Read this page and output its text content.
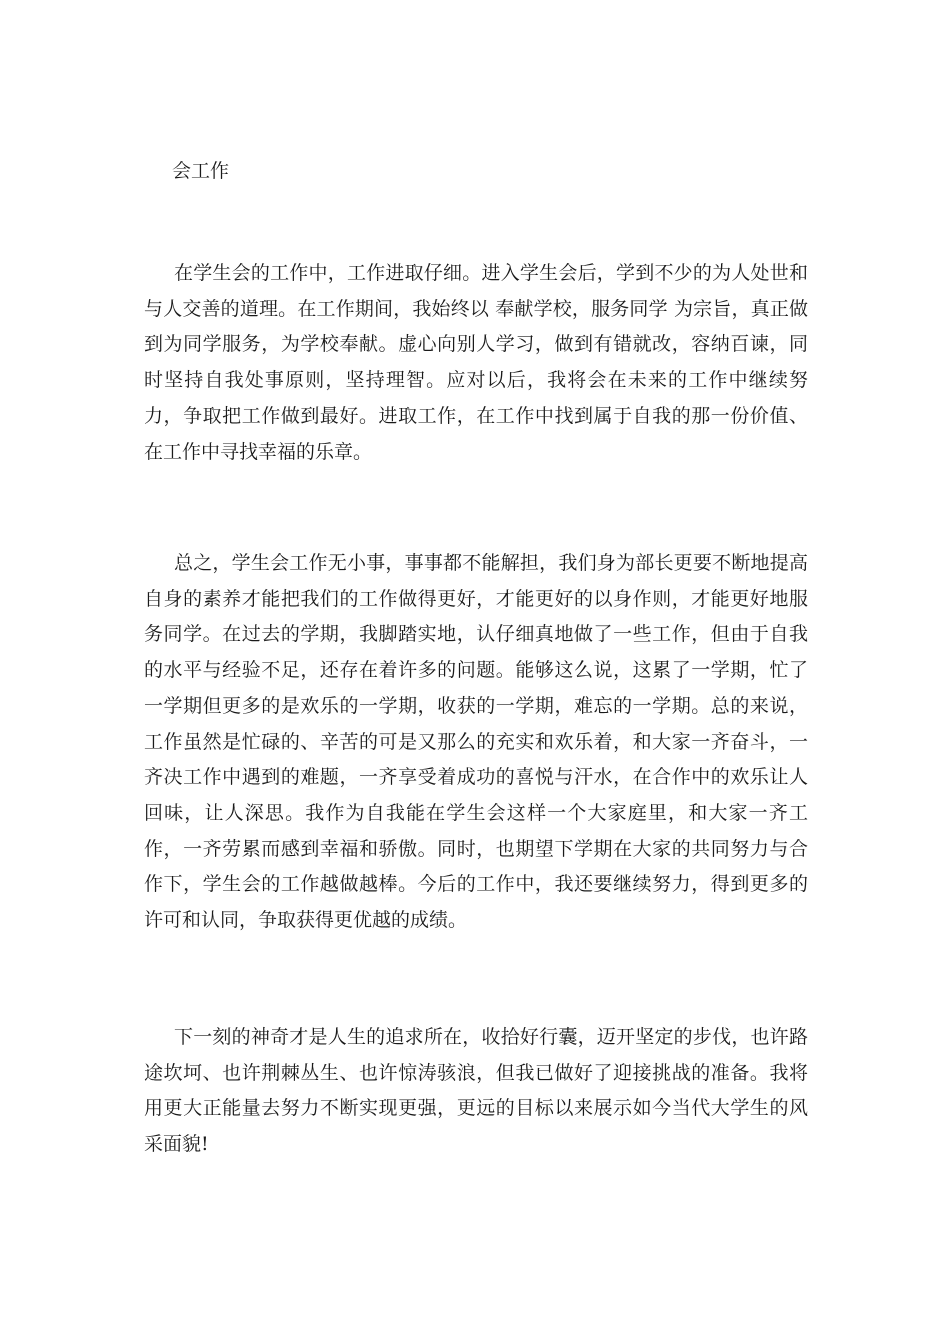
会工作

在学生会的工作中，工作进取仔细。进入学生会后，学到不少的为人处世和与人交善的道理。在工作期间，我始终以 奉献学校，服务同学 为宗旨，真正做到为同学服务，为学校奉献。虚心向别人学习，做到有错就改，容纳百谏，同时坚持自我处事原则，坚持理智。应对以后，我将会在未来的工作中继续努力，争取把工作做到最好。进取工作，在工作中找到属于自我的那一份价值、在工作中寻找幸福的乐章。

总之，学生会工作无小事，事事都不能解担，我们身为部长更要不断地提高自身的素养才能把我们的工作做得更好，才能更好的以身作则，才能更好地服务同学。在过去的学期，我脚踏实地，认仔细真地做了一些工作，但由于自我的水平与经验不足，还存在着许多的问题。能够这么说，这累了一学期，忙了一学期但更多的是欢乐的一学期，收获的一学期，难忘的一学期。总的来说，工作虽然是忙碌的、辛苦的可是又那么的充实和欢乐着，和大家一齐奋斗，一齐决工作中遇到的难题，一齐享受着成功的喜悦与汗水，在合作中的欢乐让人回味，让人深思。我作为自我能在学生会这样一个大家庭里，和大家一齐工作，一齐劳累而感到幸福和骄傲。同时，也期望下学期在大家的共同努力与合作下，学生会的工作越做越棒。今后的工作中，我还要继续努力，得到更多的许可和认同，争取获得更优越的成绩。

下一刻的神奇才是人生的追求所在，收拾好行囊，迈开坚定的步伐，也许路途坎坷、也许荆棘丛生、也许惊涛骇浪，但我已做好了迎接挑战的准备。我将用更大正能量去努力不断实现更强，更远的目标以来展示如今当代大学生的风采面貌!
